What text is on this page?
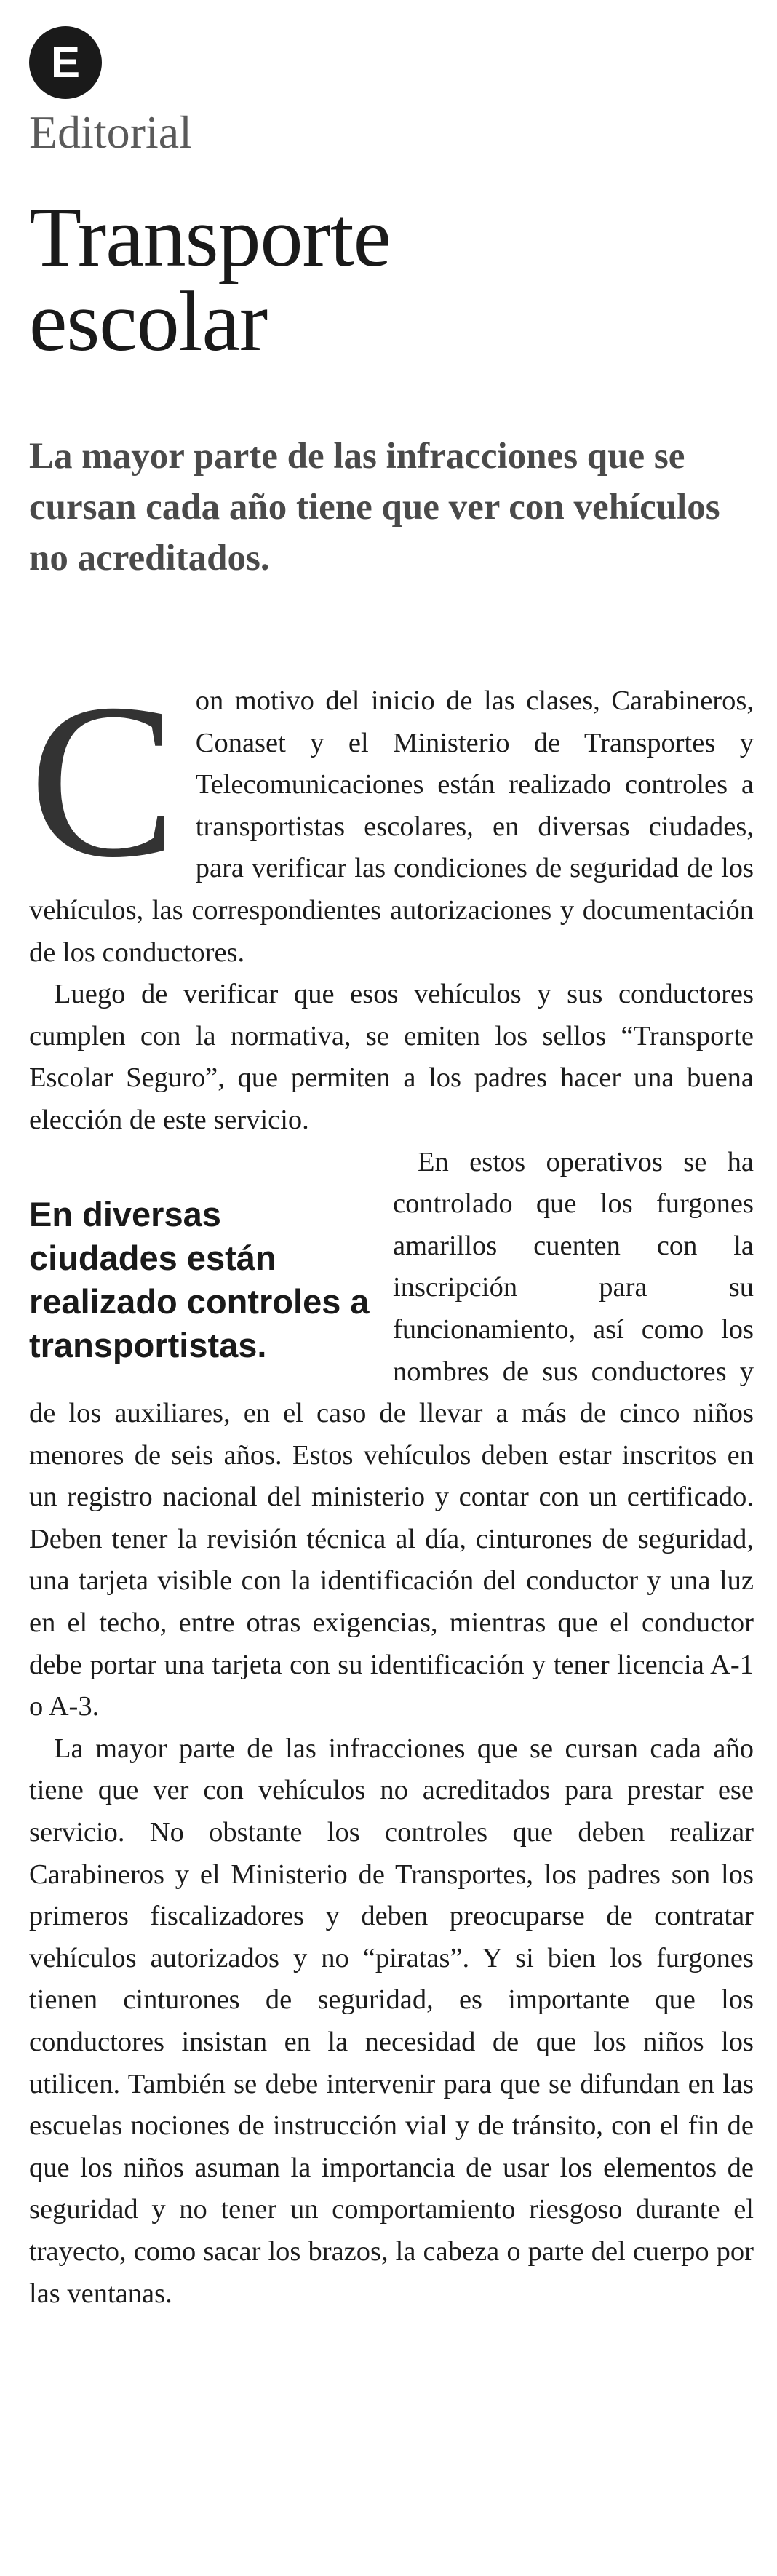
E
Editorial
Transporte
escolar
La mayor parte de las infracciones que se cursan cada año tiene que ver con vehículos no acreditados.

Con motivo del inicio de las clases, Carabineros, Conaset y el Ministerio de Transportes y Telecomunicaciones están realizado controles a transportistas escolares, en diversas ciudades, para verificar las condiciones de seguridad de los vehículos, las correspondientes autorizaciones y documentación de los conductores.

Luego de verificar que esos vehículos y sus conductores cumplen con la normativa, se emiten los sellos “Transporte Escolar Seguro”, que permiten a los padres hacer una buena elección de este servicio.

En diversas ciudades están realizado controles a transportistas.
En estos operativos se ha controlado que los furgones amarillos cuenten con la inscripción para su funcionamiento, así como los nombres de sus conductores y de los auxiliares, en el caso de llevar a más de cinco niños menores de seis años. Estos vehículos deben estar inscritos en un registro nacional del ministerio y contar con un certificado. Deben tener la revisión técnica al día, cinturones de seguridad, una tarjeta visible con la identificación del conductor y una luz en el techo, entre otras exigencias, mientras que el conductor debe portar una tarjeta con su identificación y tener licencia A-1 o A-3.

La mayor parte de las infracciones que se cursan cada año tiene que ver con vehículos no acreditados para prestar ese servicio. No obstante los controles que deben realizar Carabineros y el Ministerio de Transportes, los padres son los primeros fiscalizadores y deben preocuparse de contratar vehículos autorizados y no “piratas”. Y si bien los furgones tienen cinturones de seguridad, es importante que los conductores insistan en la necesidad de que los niños los utilicen. También se debe intervenir para que se difundan en las escuelas nociones de instrucción vial y de tránsito, con el fin de que los niños asuman la importancia de usar los elementos de seguridad y no tener un comportamiento riesgoso durante el trayecto, como sacar los brazos, la cabeza o parte del cuerpo por las ventanas.
